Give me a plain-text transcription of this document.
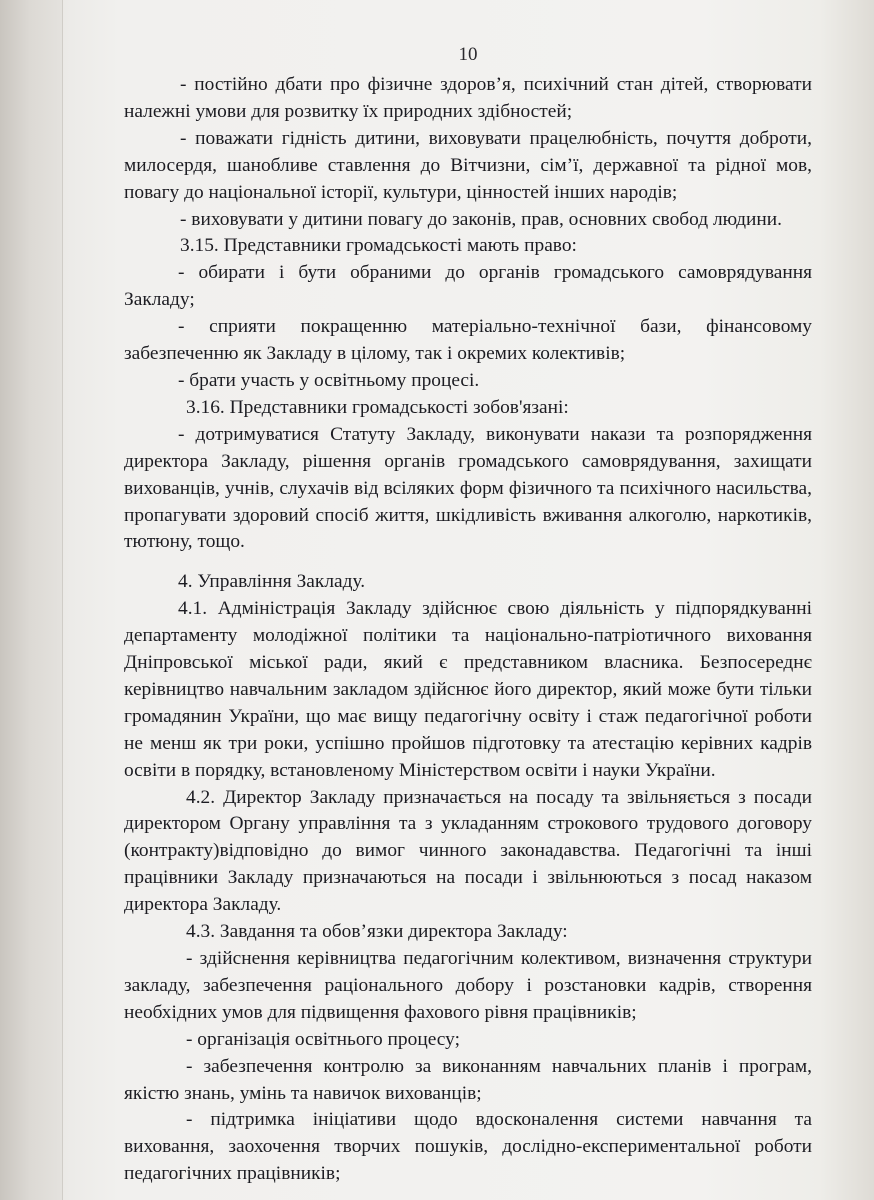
10

- постійно дбати про фізичне здоров’я, психічний стан дітей, створювати належні умови для розвитку їх природних здібностей;

- поважати гідність дитини, виховувати працелюбність, почуття доброти, милосердя, шанобливе ставлення до Вітчизни, сім’ї, державної та рідної мов, повагу до національної історії, культури, цінностей інших народів;

- виховувати у дитини повагу до законів, прав, основних свобод людини.

3.15. Представники громадськості мають право:

- обирати і бути обраними до органів громадського самоврядування Закладу;

- сприяти покращенню матеріально-технічної бази, фінансовому забезпеченню як Закладу в цілому, так і окремих колективів;

- брати участь у освітньому процесі.

3.16. Представники громадськості зобов'язані:

- дотримуватися Статуту Закладу, виконувати накази та розпорядження директора Закладу, рішення органів громадського самоврядування, захищати вихованців, учнів, слухачів від всіляких форм фізичного та психічного насильства, пропагувати здоровий спосіб життя, шкідливість вживання алкоголю, наркотиків, тютюну, тощо.

4. Управління Закладу.

4.1. Адміністрація Закладу здійснює свою діяльність у підпорядкуванні департаменту молодіжної політики та національно-патріотичного виховання Дніпровської міської ради, який є представником власника. Безпосереднє керівництво навчальним закладом здійснює його директор, який може бути тільки громадянин України, що має вищу педагогічну освіту і стаж педагогічної роботи не менш як три роки, успішно пройшов підготовку та атестацію керівних кадрів освіти в порядку, встановленому Міністерством освіти і науки України.

4.2. Директор Закладу призначається на посаду та звільняється з посади директором Органу управління та з укладанням строкового трудового договору (контракту)відповідно до вимог чинного законадавства. Педагогічні та інші працівники Закладу призначаються на посади і звільнюються з посад наказом директора Закладу.

4.3. Завдання та обов’язки директора Закладу:

- здійснення керівництва педагогічним колективом, визначення структури закладу, забезпечення раціонального добору і розстановки кадрів, створення необхідних умов для підвищення фахового рівня працівників;

- організація освітнього процесу;

- забезпечення контролю за виконанням навчальних планів і програм, якістю знань, умінь та навичок вихованців;

- підтримка ініціативи щодо вдосконалення системи навчання та виховання, заохочення творчих пошуків, дослідно-експериментальної роботи педагогічних працівників;
